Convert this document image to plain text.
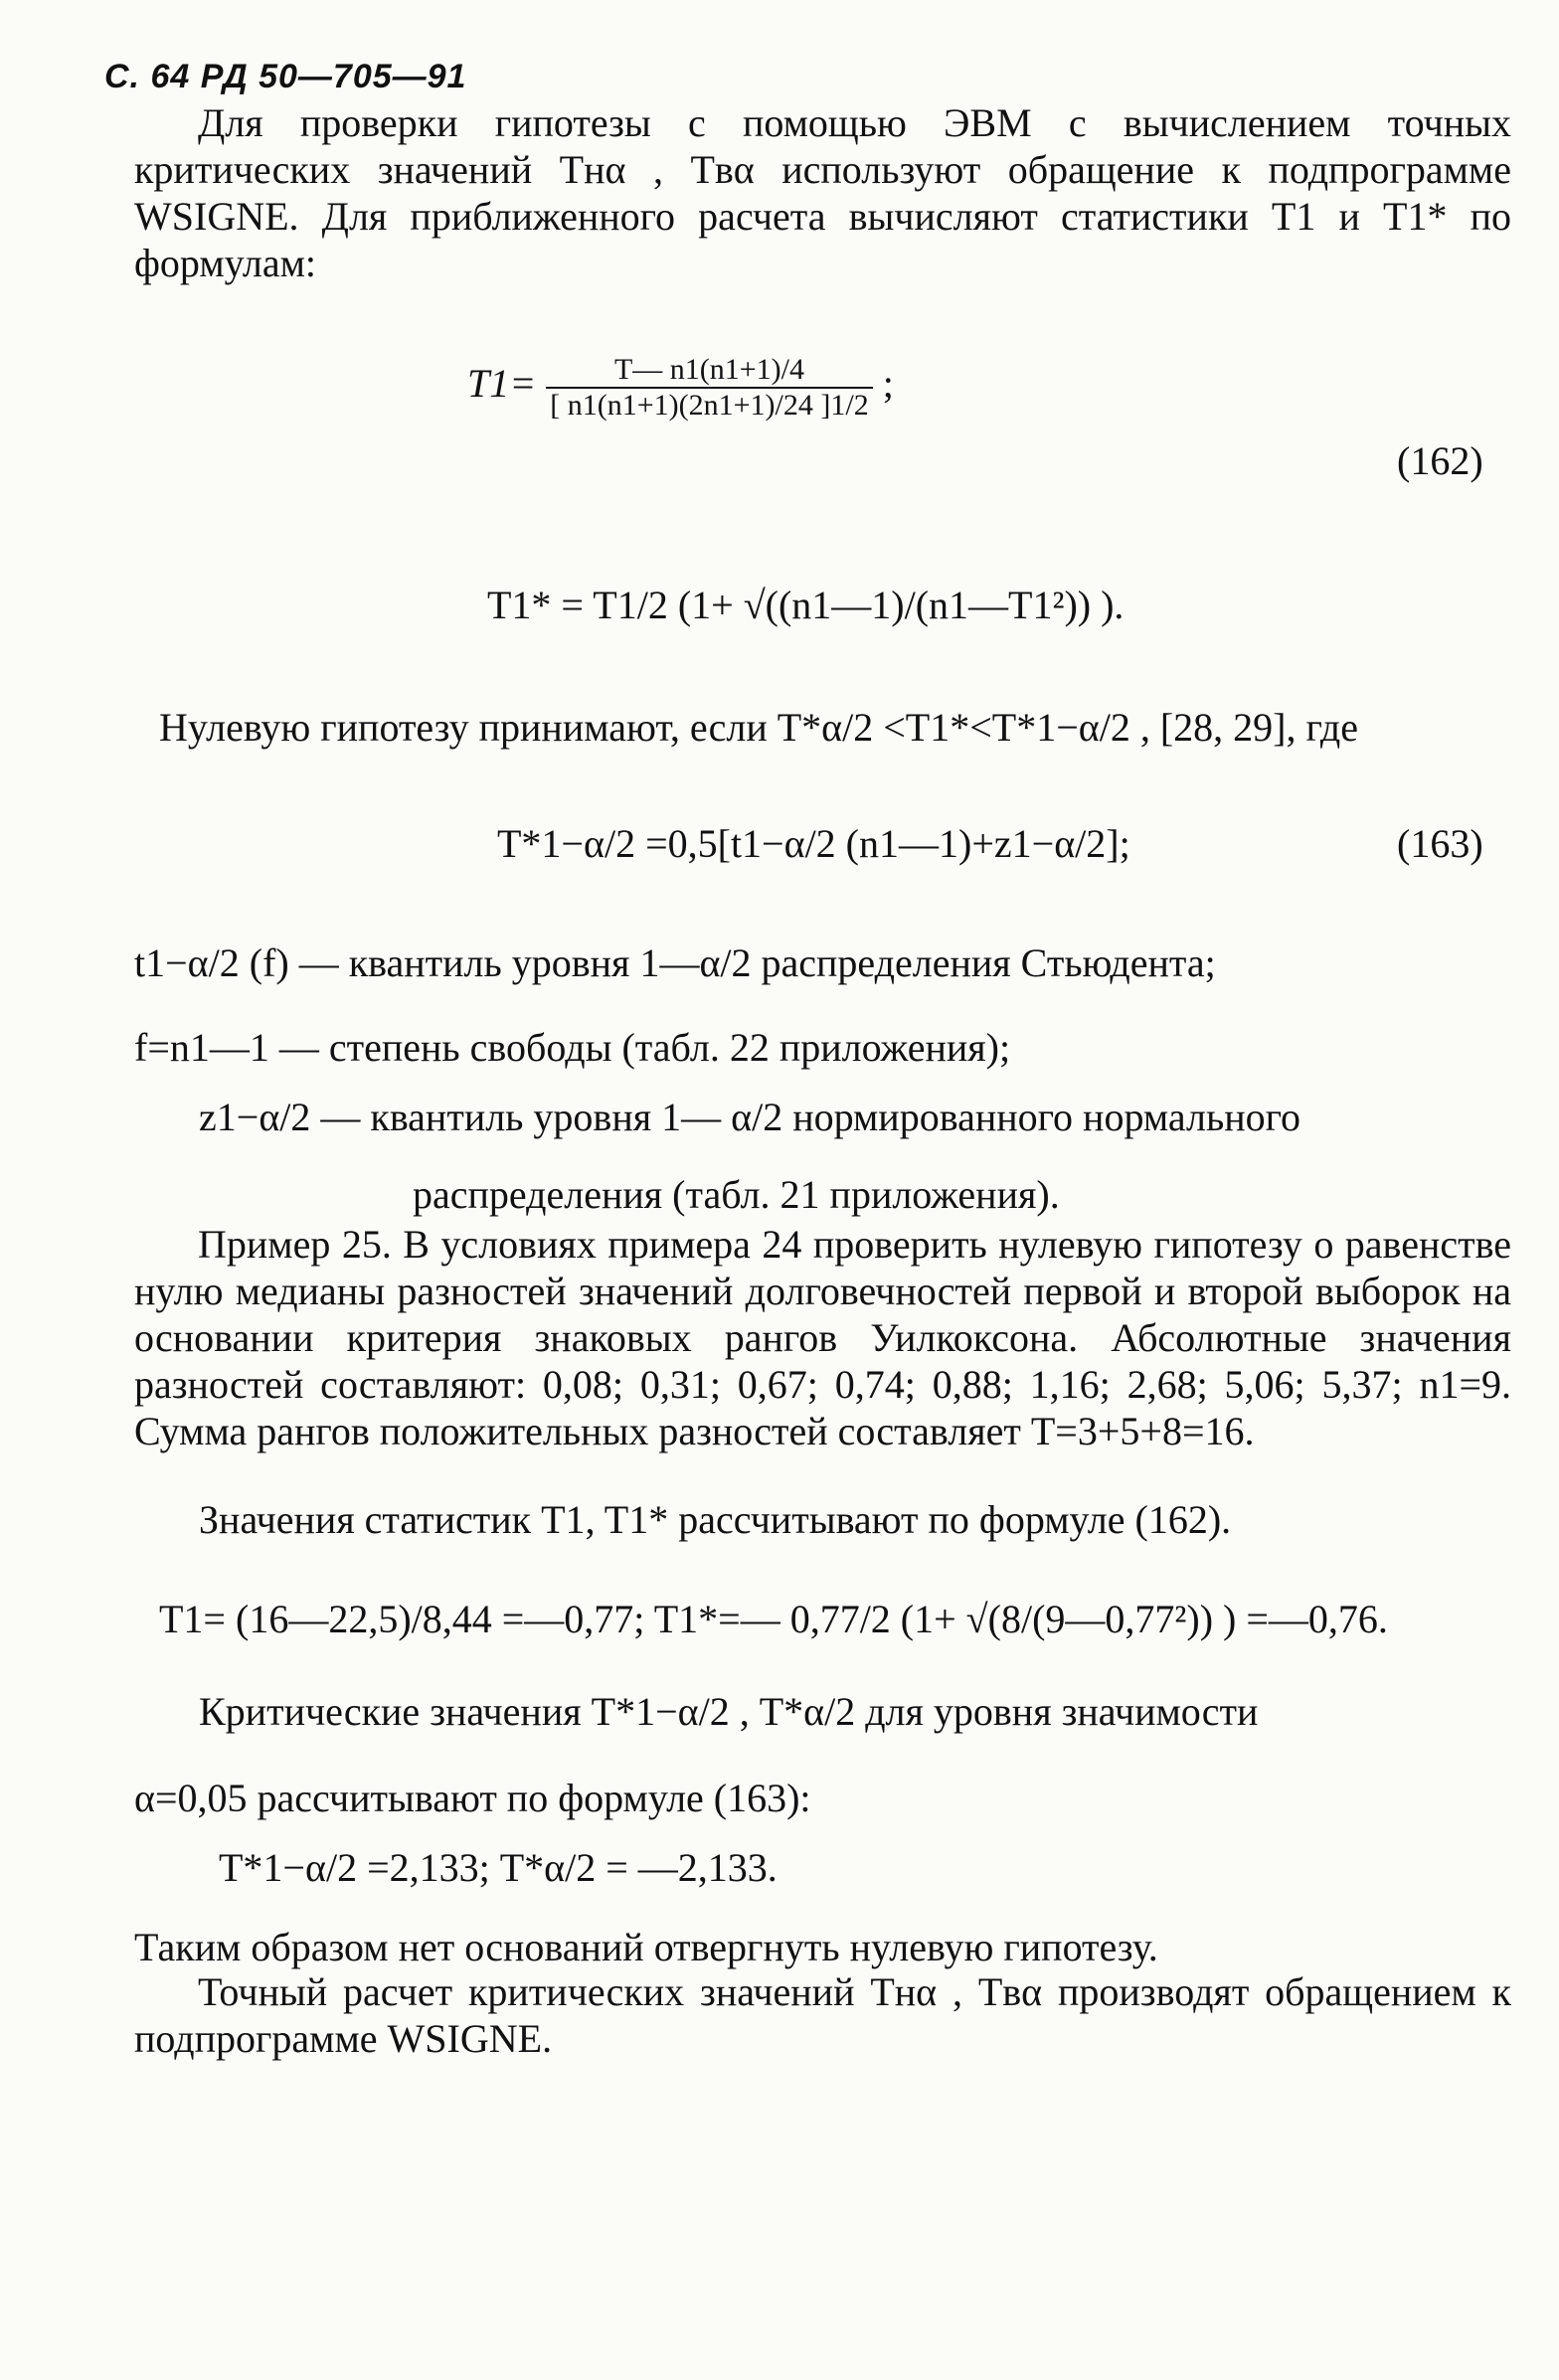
С. 64 РД 50—705—91

Для проверки гипотезы с помощью ЭВМ с вычислением точных критических значений Tнα , Tвα используют обращение к подпрограмме WSIGNE. Для приближенного расчета вычисляют статистики T1 и T1* по формулам:

$T1= \frac{T— n1(n1+1)/4}{[ n1(n1+1)(2n1+1)/24 ]1/2}$ ;
(162)
T1* = T1/2 (1+ √((n1—1)/(n1—T1²)) ).
Нулевую гипотезу принимают, если T*α/2 <T1*<T*1−α/2 , [28, 29], где
T*1−α/2 =0,5[t1−α/2 (n1—1)+z1−α/2];	(163)
t1−α/2 (f) — квантиль уровня 1—α/2 распределения Стьюдента;
f=n1—1 — степень свободы (табл. 22 приложения);
z1−α/2 — квантиль уровня 1— α/2 нормированного нормального
распределения (табл. 21 приложения).

Пример 25. В условиях примера 24 проверить нулевую гипотезу о равенстве нулю медианы разностей значений долговечностей первой и второй выборок на основании критерия знаковых рангов Уилкоксона. Абсолютные значения разностей составляют: 0,08; 0,31; 0,67; 0,74; 0,88; 1,16; 2,68; 5,06; 5,37; n1=9. Сумма рангов положительных разностей составляет T=3+5+8=16.

Значения статистик T1, T1* рассчитывают по формуле (162).
T1= (16—22,5)/8,44 =—0,77; T1*=— 0,77/2 (1+ √(8/(9—0,77²)) ) =—0,76.
Критические значения T*1−α/2 , T*α/2 для уровня значимости
α=0,05 рассчитывают по формуле (163):
T*1−α/2 =2,133; T*α/2 = —2,133.
Таким образом нет оснований отвергнуть нулевую гипотезу.

Точный расчет критических значений Tнα , Tвα производят обращением к подпрограмме WSIGNE.
